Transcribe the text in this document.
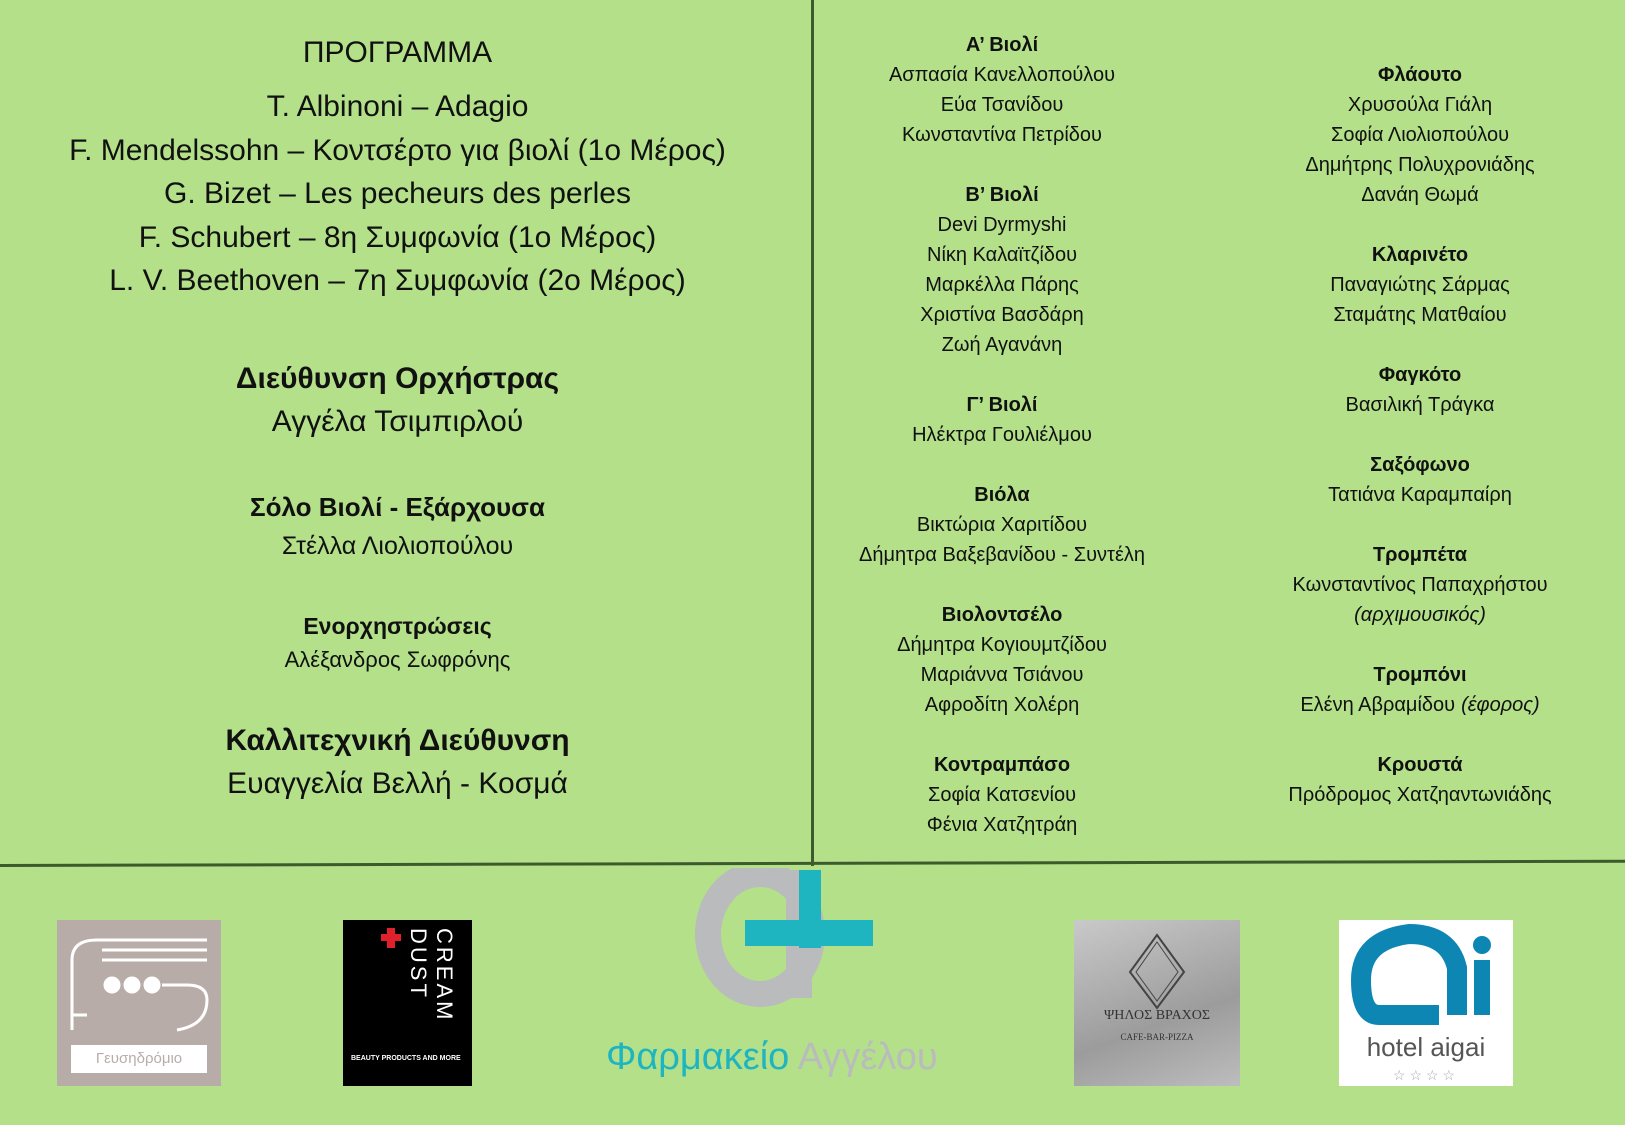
ΠΡΟΓΡΑΜΜΑ
T. Albinoni – Adagio
F. Mendelssohn – Κοντσέρτο για βιολί (1ο Μέρος)
G. Bizet – Les pecheurs des perles
F. Schubert – 8η Συμφωνία (1ο Μέρος)
L. V. Beethoven – 7η Συμφωνία (2ο Μέρος)
Διεύθυνση Ορχήστρας
Αγγέλα Τσιμπιρλού
Σόλο Βιολί - Εξάρχουσα
Στέλλα Λιολιοπούλου
Ενορχηστρώσεις
Αλέξανδρος Σωφρόνης
Καλλιτεχνική Διεύθυνση
Ευαγγελία Βελλή - Κοσμά
Α’ Βιολί
Ασπασία Κανελλοπούλου
Εύα Τσανίδου
Κωνσταντίνα Πετρίδου
Β’ Βιολί
Devi Dyrmyshi
Νίκη Καλαϊτζίδου
Μαρκέλλα Πάρης
Χριστίνα Βασδάρη
Ζωή Αγανάνη
Γ’ Βιολί
Ηλέκτρα Γουλιέλμου
Βιόλα
Βικτώρια Χαριτίδου
Δήμητρα Βαξεβανίδου - Συντέλη
Βιολοντσέλο
Δήμητρα Κογιουμτζίδου
Μαριάννα Τσιάνου
Αφροδίτη Χολέρη
Κοντραμπάσο
Σοφία Κατσενίου
Φένια Χατζητράη
Φλάουτο
Χρυσούλα Γιάλη
Σοφία Λιολιοπούλου
Δημήτρης Πολυχρονιάδης
Δανάη Θωμά
Κλαρινέτο
Παναγιώτης Σάρμας
Σταμάτης Ματθαίου
Φαγκότο
Βασιλική Τράγκα
Σαξόφωνο
Τατιάνα Καραμπαίρη
Τρομπέτα
Κωνσταντίνος Παπαχρήστου
(αρχιμουσικός)
Τρομπόνι
Ελένη Αβραμίδου (έφορος)
Κρουστά
Πρόδρομος Χατζηαντωνιάδης
Γευσηδρόμιο
CREAM DUST
BEAUTY PRODUCTS AND MORE	Φαρμακείο Αγγέλου
ΨΗΛΟΣ ΒΡΑΧΟΣ
CAFE-BAR-PIZZA	hotel aigai
☆☆☆☆
